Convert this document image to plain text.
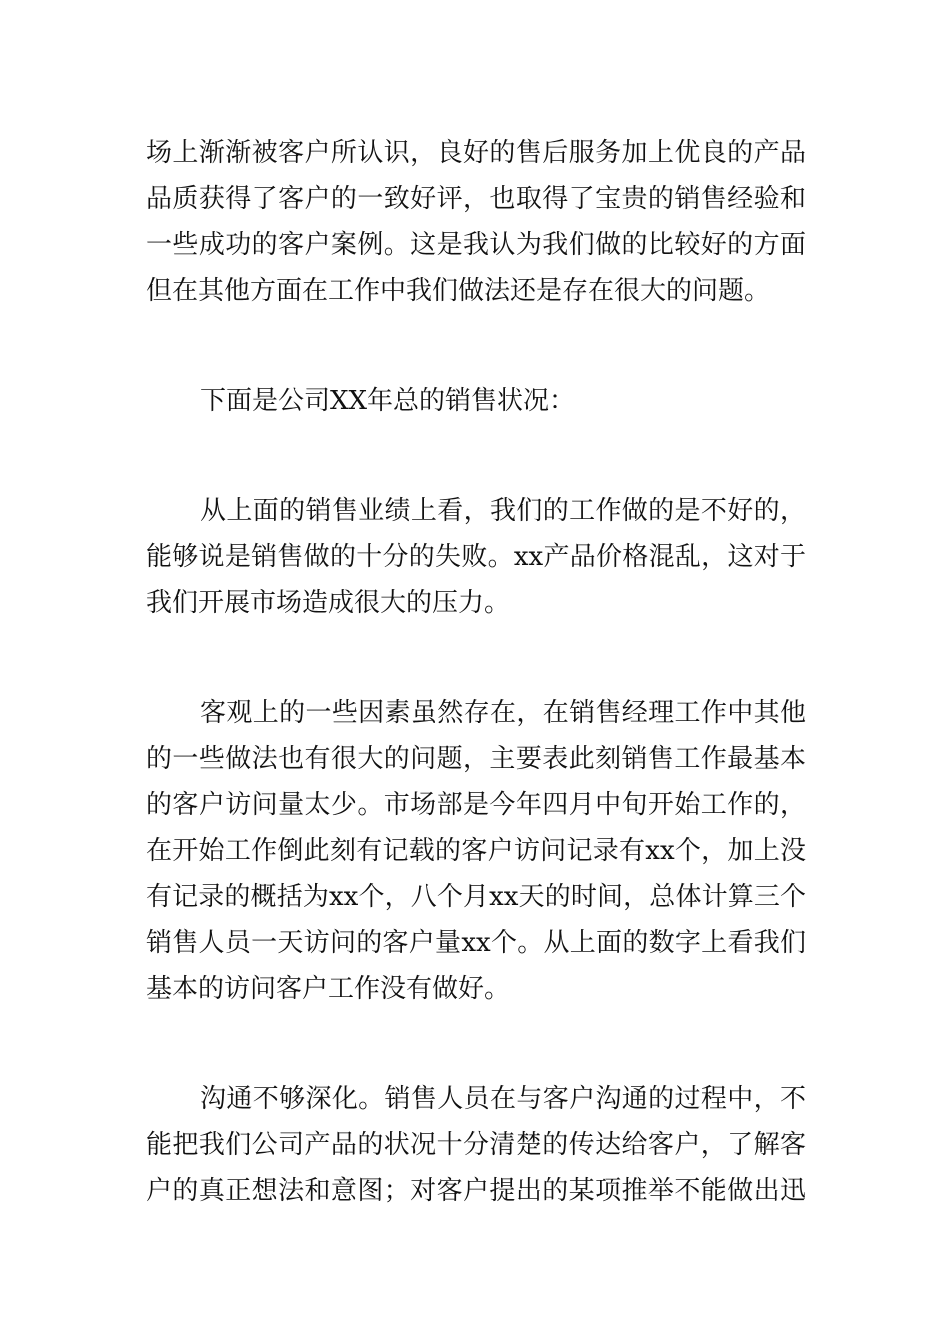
场上渐渐被客户所认识，良好的售后服务加上优良的产品
品质获得了客户的一致好评，也取得了宝贵的销售经验和
一些成功的客户案例。这是我认为我们做的比较好的方面
但在其他方面在工作中我们做法还是存在很大的问题。
下面是公司XX年总的销售状况：
从上面的销售业绩上看，我们的工作做的是不好的，
能够说是销售做的十分的失败。xx产品价格混乱，这对于
我们开展市场造成很大的压力。
客观上的一些因素虽然存在，在销售经理工作中其他
的一些做法也有很大的问题，主要表此刻销售工作最基本
的客户访问量太少。市场部是今年四月中旬开始工作的，
在开始工作倒此刻有记载的客户访问记录有xx个，加上没
有记录的概括为xx个，八个月xx天的时间，总体计算三个
销售人员一天访问的客户量xx个。从上面的数字上看我们
基本的访问客户工作没有做好。
沟通不够深化。销售人员在与客户沟通的过程中，不
能把我们公司产品的状况十分清楚的传达给客户，了解客
户的真正想法和意图；对客户提出的某项推举不能做出迅
